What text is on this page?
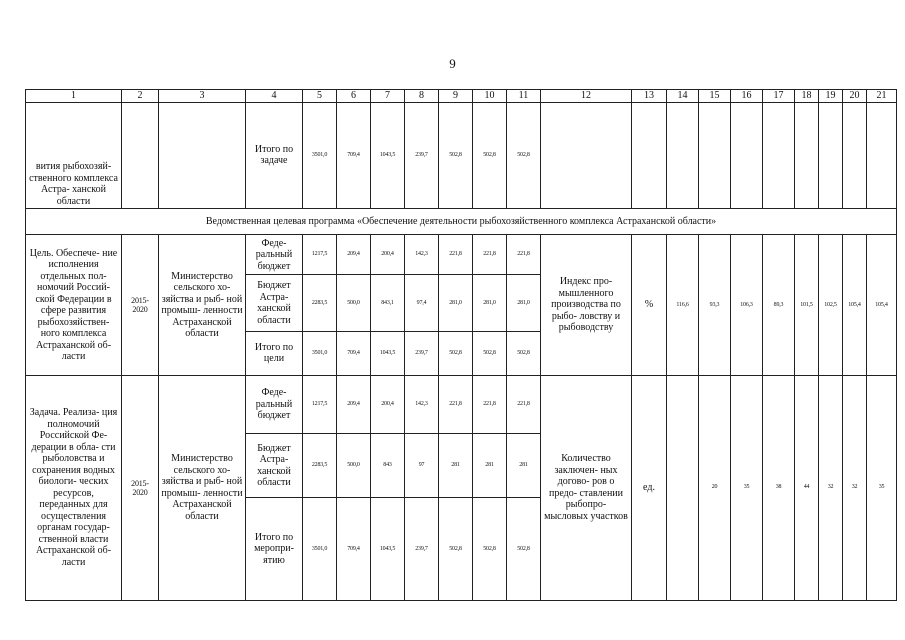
9
1	2	3	4	5	6	7	8	9	10	11	12	13	14	15	16	17	18	19	20	21
вития рыбохозяй- ственного комплекса Астра- ханской области			Итого по задаче	3501,0	709,4	1043,5	239,7	502,8	502,8	502,8										
Ведомственная целевая программа «Обеспечение деятельности рыбохозяйственного комплекса Астраханской области»																				
Цель. Обеспече- ние исполнения отдельных пол- номочий Россий- ской Федерации в сфере развития рыбохозяйствен- ного комплекса Астраханской об- ласти	2015- 2020	Министерство сельского хо- зяйства и рыб- ной промыш- ленности Астраханской области	Феде- ральный бюджет	1217,5	209,4	200,4	142,3	221,8	221,8	221,8	Индекс про- мышленного производства по рыбо- ловству и рыбоводству	%	116,6	93,3	106,3	89,3	101,5	102,5	105,4	105,4
			Бюджет Астра- ханской области	2283,5	500,0	843,1	97,4	281,0	281,0	281,0										
			Итого по цели	3501,0	709,4	1043,5	239,7	502,8	502,8	502,8										
Задача. Реализа- ция полномочий Российской Фе- дерации в обла- сти рыболовства и сохранения водных биологи- ческих ресурсов, переданных для осуществления органам государ- ственной власти Астраханской об- ласти	2015- 2020	Министерство сельского хо- зяйства и рыб- ной промыш- ленности Астраханской области	Феде- ральный бюджет	1217,5	209,4	200,4	142,3	221,8	221,8	221,8	Количество заключен- ных догово- ров о предо- ставлении рыбопро- мысловых участков	ед.		20	35	38	44	32	32	35
			Бюджет Астра- ханской области	2283,5	500,0	843	97	281	281	281										
			Итого по меропри- ятию	3501,0	709,4	1043,5	239,7	502,8	502,8	502,8										
